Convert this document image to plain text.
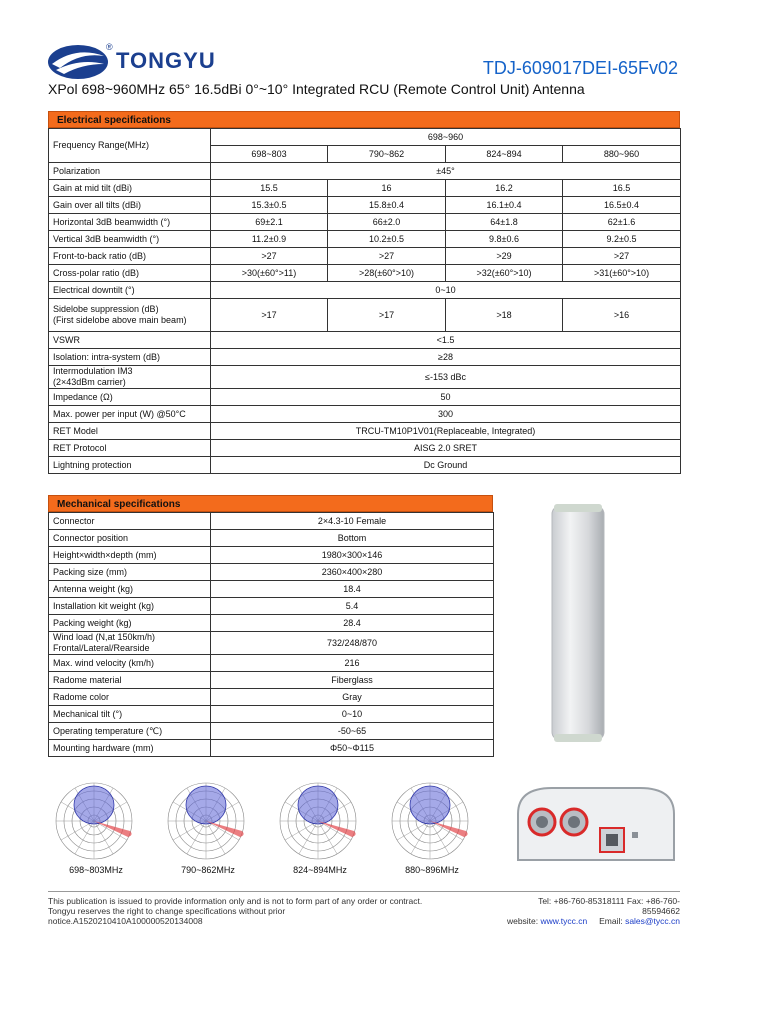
®
TONGYU	TDJ-609017DEI-65Fv02
XPol 698~960MHz 65° 16.5dBi 0°~10° Integrated RCU (Remote Control Unit) Antenna
Electrical specifications
Frequency Range(MHz)	698~960			
	698~803	790~862	824~894	880~960
Polarization	±45°			
Gain at mid tilt (dBi)	15.5	16	16.2	16.5
Gain over all tilts (dBi)	15.3±0.5	15.8±0.4	16.1±0.4	16.5±0.4
Horizontal 3dB beamwidth (°)	69±2.1	66±2.0	64±1.8	62±1.6
Vertical 3dB beamwidth (°)	11.2±0.9	10.2±0.5	9.8±0.6	9.2±0.5
Front-to-back ratio (dB)	>27	>27	>29	>27
Cross-polar ratio (dB)	>30(±60°>11)	>28(±60°>10)	>32(±60°>10)	>31(±60°>10)
Electrical downtilt (°)	0~10			
Sidelobe suppression (dB)
(First sidelobe above main beam)	>17	>17	>18	>16
VSWR	<1.5			
Isolation: intra-system (dB)	≥28			
Intermodulation IM3
(2×43dBm carrier)	≤-153 dBc			
Impedance (Ω)	50			
Max. power per input (W) @50°C	300			
RET Model	TRCU-TM10P1V01(Replaceable, Integrated)			
RET Protocol	AISG 2.0 SRET			
Lightning protection	Dc Ground			
Mechanical specifications
Connector	2×4.3-10 Female
Connector position	Bottom
Height×width×depth (mm)	1980×300×146
Packing size (mm)	2360×400×280
Antenna weight (kg)	18.4
Installation kit weight (kg)	5.4
Packing weight (kg)	28.4
Wind load (N,at 150km/h)
Frontal/Lateral/Rearside	732/248/870
Max. wind velocity (km/h)	216
Radome material	Fiberglass
Radome color	Gray
Mechanical tilt (°)	0~10
Operating temperature (℃)	-50~65
Mounting hardware (mm)	Φ50~Φ115
698~803MHz	790~862MHz	824~894MHz	880~896MHz
This publication is issued to provide information only and is not to form part of any order or contract.
Tongyu reserves the right to change specifications without prior
notice.A1520210410A100000520134008
Tel: +86-760-85318111 Fax: +86-760-
85594662
website: www.tycc.cn Email: sales@tycc.cn
